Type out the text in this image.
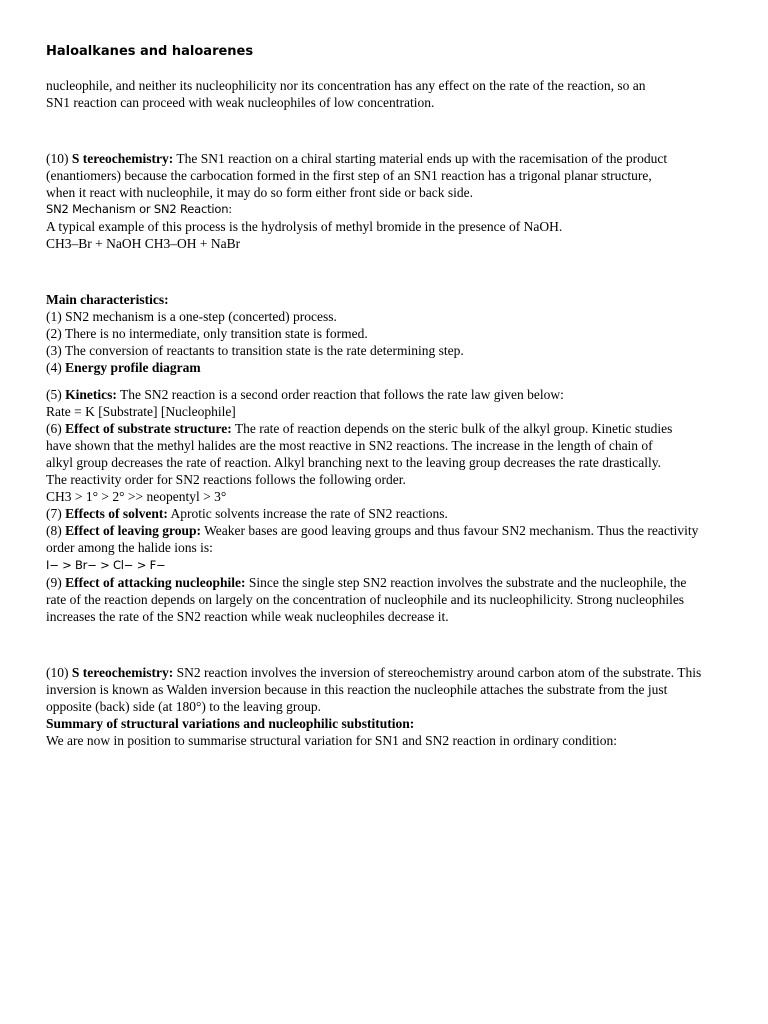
Haloalkanes and haloarenes

nucleophile, and neither its nucleophilicity nor its concentration has any effect on the rate of the reaction, so an
SN1 reaction can proceed with weak nucleophiles of low concentration.

(10) S tereochemistry: The SN1 reaction on a chiral starting material ends up with the racemisation of the product
(enantiomers) because the carbocation formed in the first step of an SN1 reaction has a trigonal planar structure,
when it react with nucleophile, it may do so form either front side or back side.

SN2 Mechanism or SN2 Reaction:

A typical example of this process is the hydrolysis of methyl bromide in the presence of NaOH.
CH3–Br + NaOH CH3–OH + NaBr

Main characteristics:
(1) SN2 mechanism is a one-step (concerted) process.
(2) There is no intermediate, only transition state is formed.
(3) The conversion of reactants to transition state is the rate determining step.
(4) Energy profile diagram

(5) Kinetics: The SN2 reaction is a second order reaction that follows the rate law given below:
Rate = K [Substrate] [Nucleophile]
(6) Effect of substrate structure: The rate of reaction depends on the steric bulk of the alkyl group. Kinetic studies
have shown that the methyl halides are the most reactive in SN2 reactions. The increase in the length of chain of
alkyl group decreases the rate of reaction. Alkyl branching next to the leaving group decreases the rate drastically.
The reactivity order for SN2 reactions follows the following order.
CH3 > 1° > 2° >> neopentyl > 3°
(7) Effects of solvent: Aprotic solvents increase the rate of SN2 reactions.
(8) Effect of leaving group: Weaker bases are good leaving groups and thus favour SN2 mechanism. Thus the reactivity
order among the halide ions is:
I− > Br− > Cl− > F−
(9) Effect of attacking nucleophile: Since the single step SN2 reaction involves the substrate and the nucleophile, the
rate of the reaction depends on largely on the concentration of nucleophile and its nucleophilicity. Strong nucleophiles
increases the rate of the SN2 reaction while weak nucleophiles decrease it.

(10) S tereochemistry: SN2 reaction involves the inversion of stereochemistry around carbon atom of the substrate. This
inversion is known as Walden inversion because in this reaction the nucleophile attaches the substrate from the just
opposite (back) side (at 180°) to the leaving group.
Summary of structural variations and nucleophilic substitution:
We are now in position to summarise structural variation for SN1 and SN2 reaction in ordinary condition:
